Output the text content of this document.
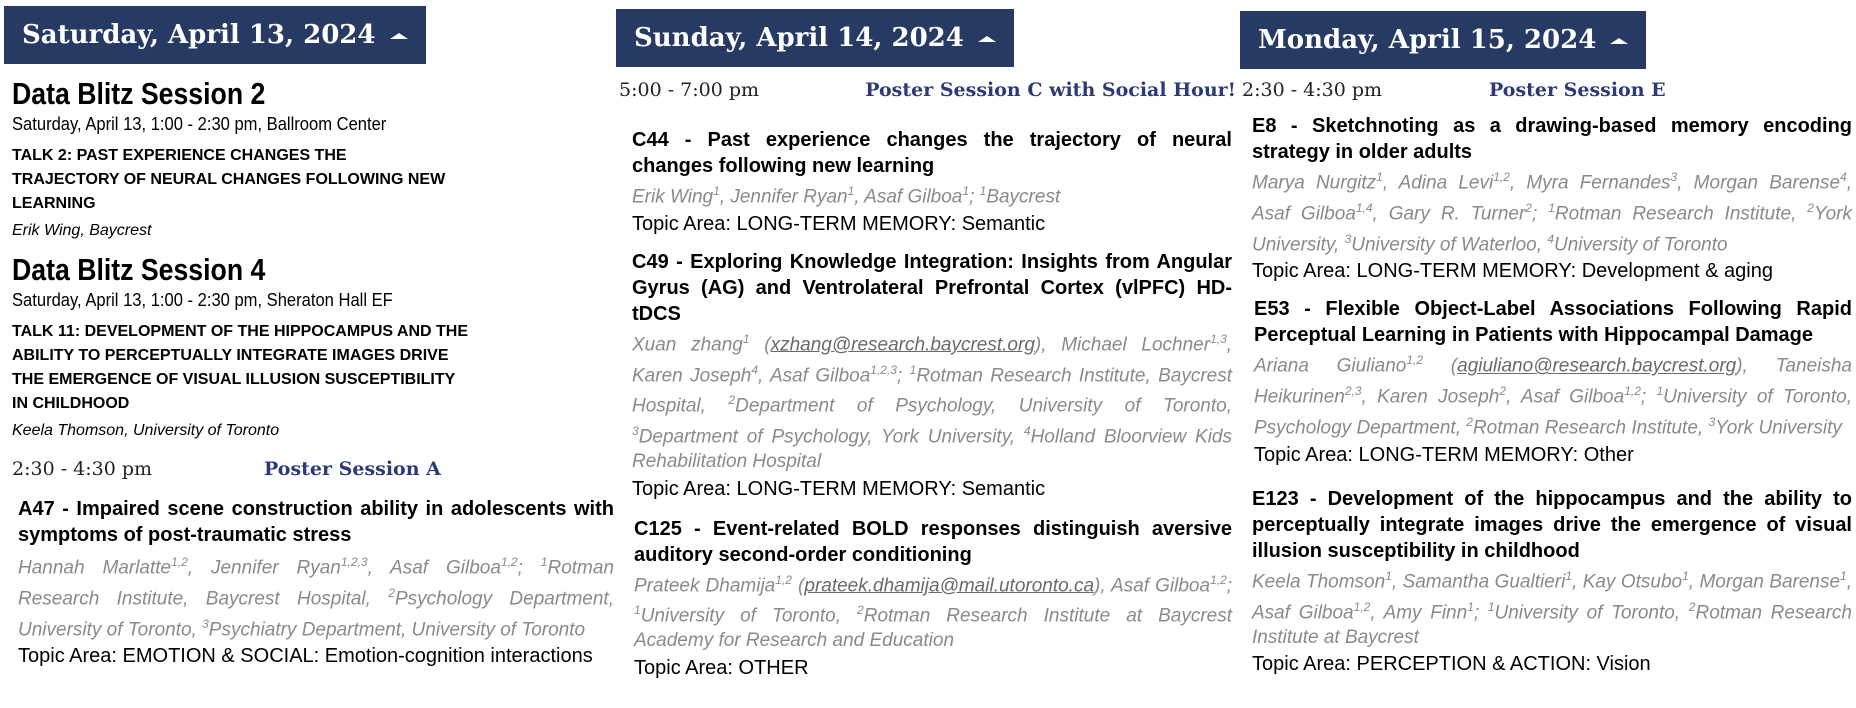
Saturday, April 13, 2024
Data Blitz Session 2

Saturday, April 13, 1:00 - 2:30 pm, Ballroom Center

TALK 2: PAST EXPERIENCE CHANGES THE TRAJECTORY OF NEURAL CHANGES FOLLOWING NEW LEARNING

Erik Wing, Baycrest

Data Blitz Session 4

Saturday, April 13, 1:00 - 2:30 pm, Sheraton Hall EF

TALK 11: DEVELOPMENT OF THE HIPPOCAMPUS AND THE ABILITY TO PERCEPTUALLY INTEGRATE IMAGES DRIVE THE EMERGENCE OF VISUAL ILLUSION SUSCEPTIBILITY IN CHILDHOOD

Keela Thomson, University of Toronto

2:30 - 4:30 pm	Poster Session A

A47 - Impaired scene construction ability in adolescents with symptoms of post-traumatic stress

Hannah Marlatte$^{1,2}$, Jennifer Ryan$^{1,2,3}$, Asaf Gilboa$^{1,2}$; $^1$Rotman Research Institute, Baycrest Hospital, $^2$Psychology Department, University of Toronto, $^3$Psychiatry Department, University of Toronto

Topic Area: EMOTION & SOCIAL: Emotion-cognition interactions

Sunday, April 14, 2024
5:00 - 7:00 pm	Poster Session C with Social Hour!

C44 - Past experience changes the trajectory of neural changes following new learning

Erik Wing$^1$, Jennifer Ryan$^1$, Asaf Gilboa$^1$; $^1$Baycrest

Topic Area: LONG-TERM MEMORY: Semantic

C49 - Exploring Knowledge Integration: Insights from Angular Gyrus (AG) and Ventrolateral Prefrontal Cortex (vlPFC) HD-tDCS

Xuan zhang$^1$ (xzhang@research.baycrest.org), Michael Lochner$^{1,3}$, Karen Joseph$^4$, Asaf Gilboa$^{1,2,3}$; $^1$Rotman Research Institute, Baycrest Hospital, $^2$Department of Psychology, University of Toronto, $^3$Department of Psychology, York University, $^4$Holland Bloorview Kids Rehabilitation Hospital

Topic Area: LONG-TERM MEMORY: Semantic

C125 - Event-related BOLD responses distinguish aversive auditory second-order conditioning

Prateek Dhamija$^{1,2}$ (prateek.dhamija@mail.utoronto.ca), Asaf Gilboa$^{1,2}$; $^1$University of Toronto, $^2$Rotman Research Institute at Baycrest Academy for Research and Education

Topic Area: OTHER

Monday, April 15, 2024
2:30 - 4:30 pm	Poster Session E

E8 - Sketchnoting as a drawing-based memory encoding strategy in older adults

Marya Nurgitz$^1$, Adina Levi$^{1,2}$, Myra Fernandes$^3$, Morgan Barense$^4$, Asaf Gilboa$^{1,4}$, Gary R. Turner$^2$; $^1$Rotman Research Institute, $^2$York University, $^3$University of Waterloo, $^4$University of Toronto

Topic Area: LONG-TERM MEMORY: Development & aging

E53 - Flexible Object-Label Associations Following Rapid Perceptual Learning in Patients with Hippocampal Damage

Ariana Giuliano$^{1,2}$ (agiuliano@research.baycrest.org), Taneisha Heikurinen$^{2,3}$, Karen Joseph$^2$, Asaf Gilboa$^{1,2}$; $^1$University of Toronto, Psychology Department, $^2$Rotman Research Institute, $^3$York University

Topic Area: LONG-TERM MEMORY: Other

E123 - Development of the hippocampus and the ability to perceptually integrate images drive the emergence of visual illusion susceptibility in childhood

Keela Thomson$^1$, Samantha Gualtieri$^1$, Kay Otsubo$^1$, Morgan Barense$^1$, Asaf Gilboa$^{1,2}$, Amy Finn$^1$; $^1$University of Toronto, $^2$Rotman Research Institute at Baycrest

Topic Area: PERCEPTION & ACTION: Vision
